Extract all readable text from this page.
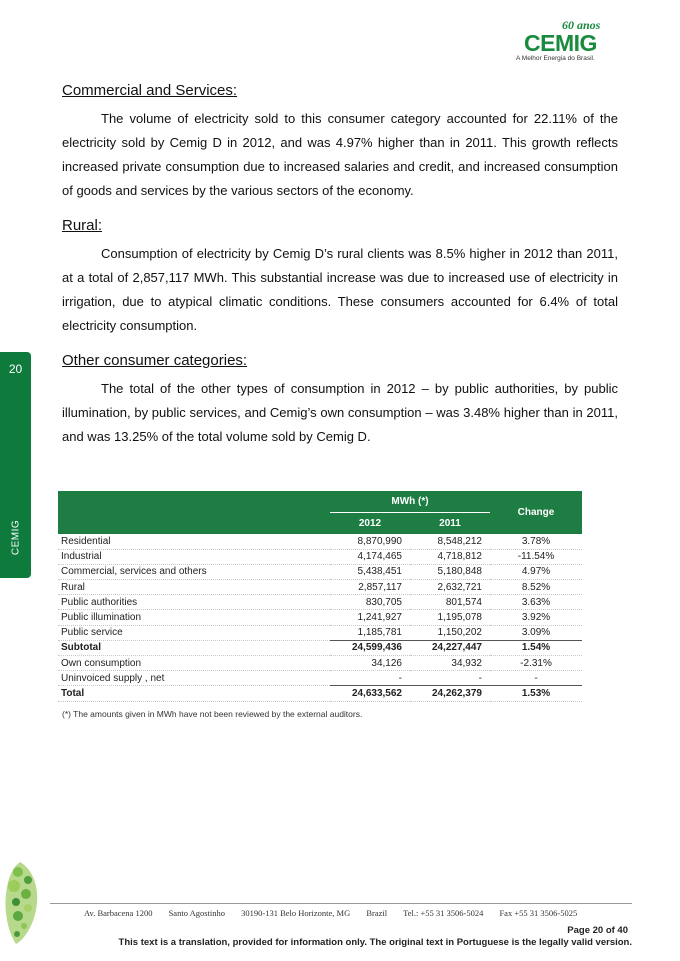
60 anos
CEMIG
A Melhor Energia do Brasil.
20
CEMIG
Commercial and Services:

The volume of electricity sold to this consumer category accounted for 22.11% of the electricity sold by Cemig D in 2012, and was 4.97% higher than in 2011. This growth reflects increased private consumption due to increased salaries and credit, and increased consumption of goods and services by the various sectors of the economy.

Rural:

Consumption of electricity by Cemig D’s rural clients was 8.5% higher in 2012 than 2011, at a total of 2,857,117 MWh. This substantial increase was due to increased use of electricity in irrigation, due to atypical climatic conditions. These consumers accounted for 6.4% of total electricity consumption.

Other consumer categories:

The total of the other types of consumption in 2012 – by public authorities, by public illumination, by public services, and Cemig’s own consumption – was 3.48% higher than in 2011, and was 13.25% of the total volume sold by Cemig D.

	MWh (*)		Change
	2012	2011	
Residential	8,870,990	8,548,212	3.78%
Industrial	4,174,465	4,718,812	-11.54%
Commercial, services and others	5,438,451	5,180,848	4.97%
Rural	2,857,117	2,632,721	8.52%
Public authorities	830,705	801,574	3.63%
Public illumination	1,241,927	1,195,078	3.92%
Public service	1,185,781	1,150,202	3.09%
Subtotal	24,599,436	24,227,447	1.54%
Own consumption	34,126	34,932	-2.31%
Uninvoiced supply , net	-	-	-
Total	24,633,562	24,262,379	1.53%
(*) The amounts given in MWh have not been reviewed by the external auditors.
Av. Barbacena 1200 Santo Agostinho 30190-131 Belo Horizonte, MG Brazil Tel.: +55 31 3506-5024 Fax +55 31 3506-5025
Page 20 of 40
This text is a translation, provided for information only. The original text in Portuguese is the legally valid version.
